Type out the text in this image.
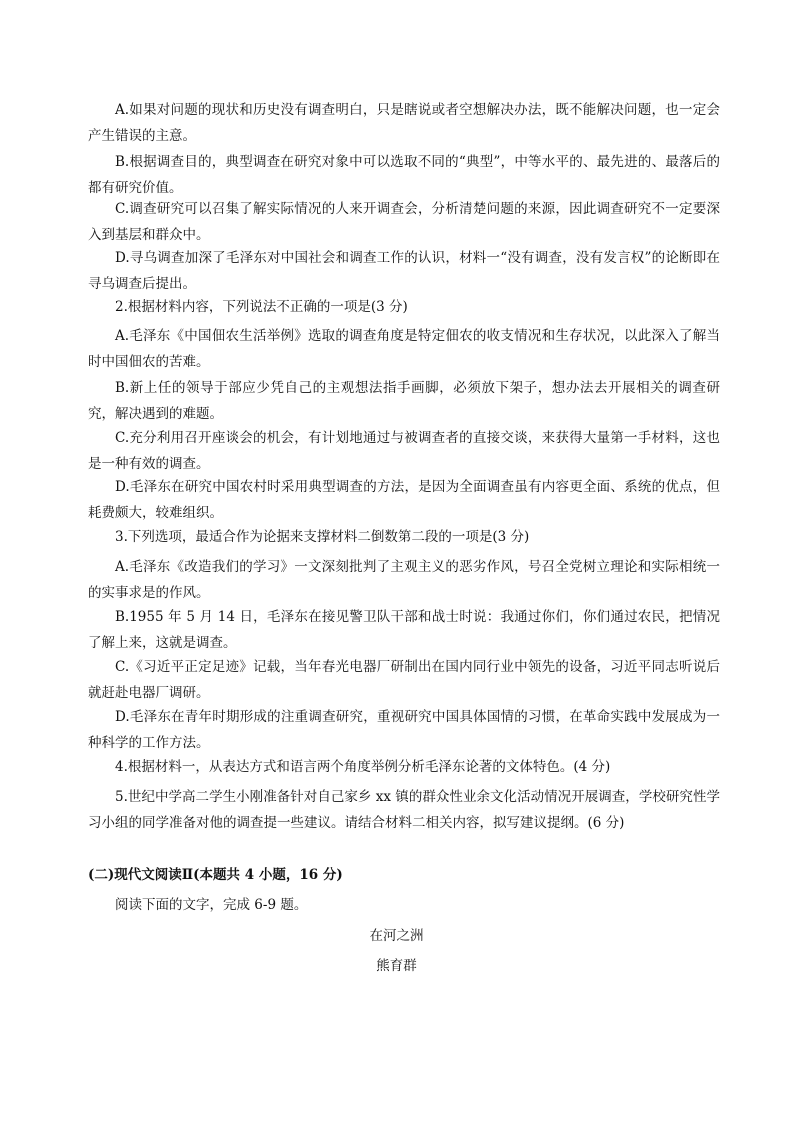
A.如果对问题的现状和历史没有调查明白，只是瞎说或者空想解决办法，既不能解决问题，也一定会产生错误的主意。
B.根据调查目的，典型调查在研究对象中可以选取不同的“典型”，中等水平的、最先进的、最落后的都有研究价值。
C.调查研究可以召集了解实际情况的人来开调查会，分析清楚问题的来源，因此调查研究不一定要深入到基层和群众中。
D.寻乌调查加深了毛泽东对中国社会和调查工作的认识，材料一“没有调查，没有发言权”的论断即在寻乌调查后提出。
2.根据材料内容，下列说法不正确的一项是(3 分)
A.毛泽东《中国佃农生活举例》选取的调查角度是特定佃农的收支情况和生存状况，以此深入了解当时中国佃农的苦难。
B.新上任的领导于部应少凭自己的主观想法指手画脚，必须放下架子，想办法去开展相关的调查研究，解决遇到的难题。
C.充分利用召开座谈会的机会，有计划地通过与被调查者的直接交谈，来获得大量第一手材料，这也是一种有效的调查。
D.毛泽东在研究中国农村时采用典型调查的方法，是因为全面调查虽有内容更全面、系统的优点，但耗费颇大，较难组织。
3.下列选项，最适合作为论据来支撑材料二倒数第二段的一项是(3 分)
A.毛泽东《改造我们的学习》一文深刻批判了主观主义的恶劣作风，号召全党树立理论和实际相统一的实事求是的作风。
B.1955 年 5 月 14 日，毛泽东在接见警卫队干部和战士时说：我通过你们，你们通过农民，把情况了解上来，这就是调查。
C.《习近平正定足迹》记载，当年春光电器厂研制出在国内同行业中领先的设备，习近平同志听说后就赶赴电器厂调研。
D.毛泽东在青年时期形成的注重调查研究，重视研究中国具体国情的习惯，在革命实践中发展成为一种科学的工作方法。
4.根据材料一，从表达方式和语言两个角度举例分析毛泽东论著的文体特色。(4 分)
5.世纪中学高二学生小刚准备针对自己家乡 xx 镇的群众性业余文化活动情况开展调查，学校研究性学习小组的同学准备对他的调查提一些建议。请结合材料二相关内容，拟写建议提纲。(6 分)
(二)现代文阅读Ⅱ(本题共 4 小题，16 分)
阅读下面的文字，完成 6-9 题。
在河之洲
熊育群
